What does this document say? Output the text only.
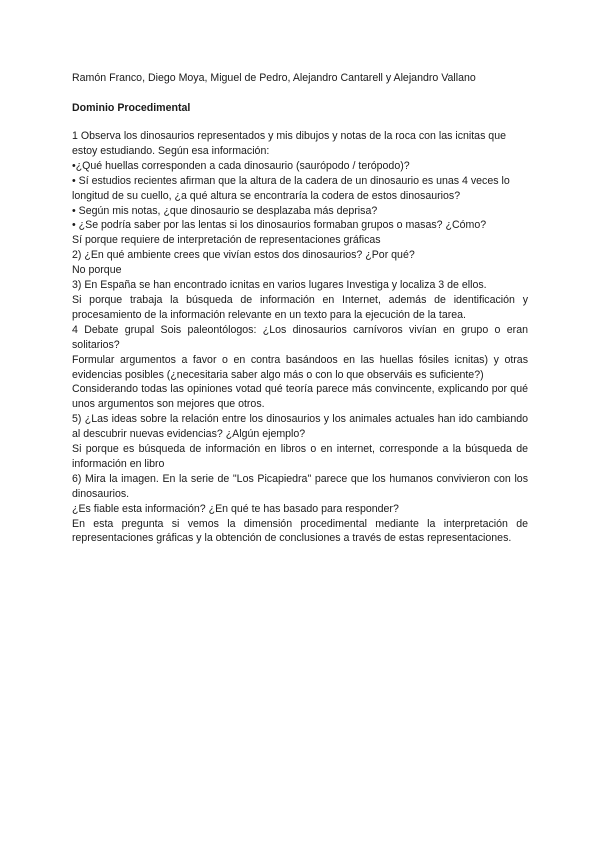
Ramón Franco, Diego Moya, Miguel de Pedro, Alejandro Cantarell y Alejandro Vallano

Dominio Procedimental

1 Observa los dinosaurios representados y mis dibujos y notas de la roca con las icnitas que estoy estudiando. Según esa información:

•¿Qué huellas corresponden a cada dinosaurio (saurópodo / terópodo)?

• Sí estudios recientes afirman que la altura de la cadera de un dinosaurio es unas 4 veces lo longitud de su cuello, ¿a qué altura se encontraría la codera de estos dinosaurios?

• Según mis notas, ¿que dinosaurio se desplazaba más deprisa?

• ¿Se podría saber por las lentas si los dinosaurios formaban grupos o masas? ¿Cómo?

Sí porque requiere de interpretación de representaciones gráficas

2) ¿En qué ambiente crees que vivían estos dos dinosaurios? ¿Por qué?

No porque

3) En España se han encontrado icnitas en varios lugares Investiga y localiza 3 de ellos.

Si porque trabaja la búsqueda de información en Internet, además de identificación y procesamiento de la información relevante en un texto para la ejecución de la tarea.

4 Debate grupal Sois paleontólogos: ¿Los dinosaurios carnívoros vivían en grupo o eran solitarios?

Formular argumentos a favor o en contra basándoos en las huellas fósiles icnitas) y otras evidencias posibles (¿necesitaria saber algo más o con lo que observáis es suficiente?)

Considerando todas las opiniones votad qué teoría parece más convincente, explicando por qué unos argumentos son mejores que otros.

5) ¿Las ideas sobre la relación entre los dinosaurios y los animales actuales han ido cambiando al descubrir nuevas evidencias? ¿Algún ejemplo?

Si porque es búsqueda de información en libros o en internet, corresponde a la búsqueda de información en libro

6) Mira la imagen. En la serie de "Los Picapiedra" parece que los humanos convivieron con los dinosaurios.

¿Es fiable esta información? ¿En qué te has basado para responder?

En esta pregunta si vemos la dimensión procedimental mediante la interpretación de representaciones gráficas y la obtención de conclusiones a través de estas representaciones.
